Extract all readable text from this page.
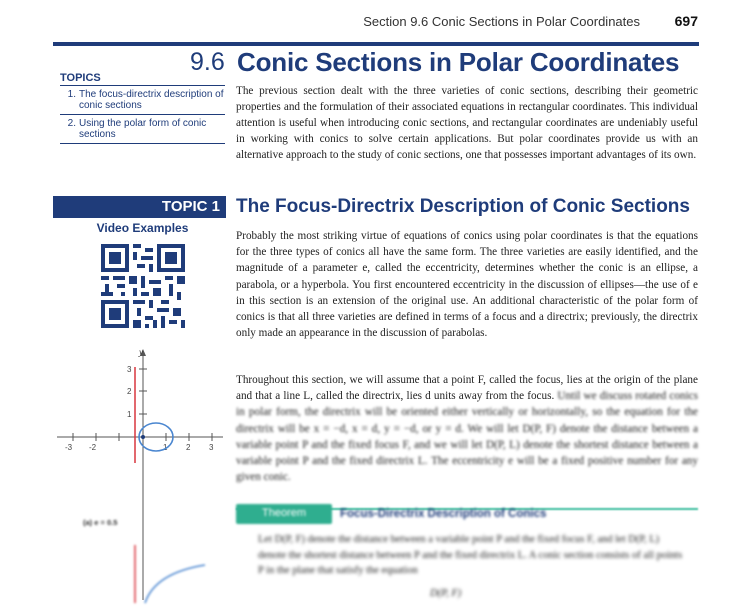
Section 9.6 Conic Sections in Polar Coordinates 697
9.6 Conic Sections in Polar Coordinates
TOPICS
1. The focus-directrix description of conic sections
2. Using the polar form of conic sections
The previous section dealt with the three varieties of conic sections, describing their geometric properties and the formulation of their associated equations in rectangular coordinates. This individual attention is useful when introducing conic sections, and rectangular coordinates are undeniably useful in working with conics to solve certain applications. But polar coordinates provide us with an alternative approach to the study of conic sections, one that possesses important advantages of its own.
TOPIC 1 The Focus-Directrix Description of Conic Sections
Video Examples
Probably the most striking virtue of equations of conics using polar coordinates is that the equations for the three types of conics all have the same form. The three varieties are easily identified, and the magnitude of a parameter e, called the eccentricity, determines whether the conic is an ellipse, a parabola, or a hyperbola. You first encountered eccentricity in the discussion of ellipses—the use of e in this section is an extension of the original use. An additional characteristic of the polar form of conics is that all three varieties are defined in terms of a focus and a directrix; previously, the directrix only made an appearance in the discussion of parabolas.
Throughout this section, we will assume that a point F, called the focus, lies at the origin of the plane and that a line L, called the directrix, lies d units away from the focus. Until we discuss rotated conics in polar form, the directrix will be oriented either vertically or horizontally, so the equation for the directrix will be x = −d, x = d, y = −d, or y = d. We will let D(P, F) denote the distance between a variable point P and the fixed focus F, and we will let D(P, L) denote the shortest distance between a variable point P and the fixed directrix L. The eccentricity e will be a fixed positive number for any given conic.
y
3
2
1
-3 -2	1 2 3
(a) e = 0.5
Theorem	Focus-Directrix Description of Conics
Let D(P, F) denote the distance between a variable point P and the fixed focus F, and let D(P, L) denote the shortest distance between P and the fixed directrix L. A conic section consists of all points P in the plane that satisfy the equation
D(P, F)
